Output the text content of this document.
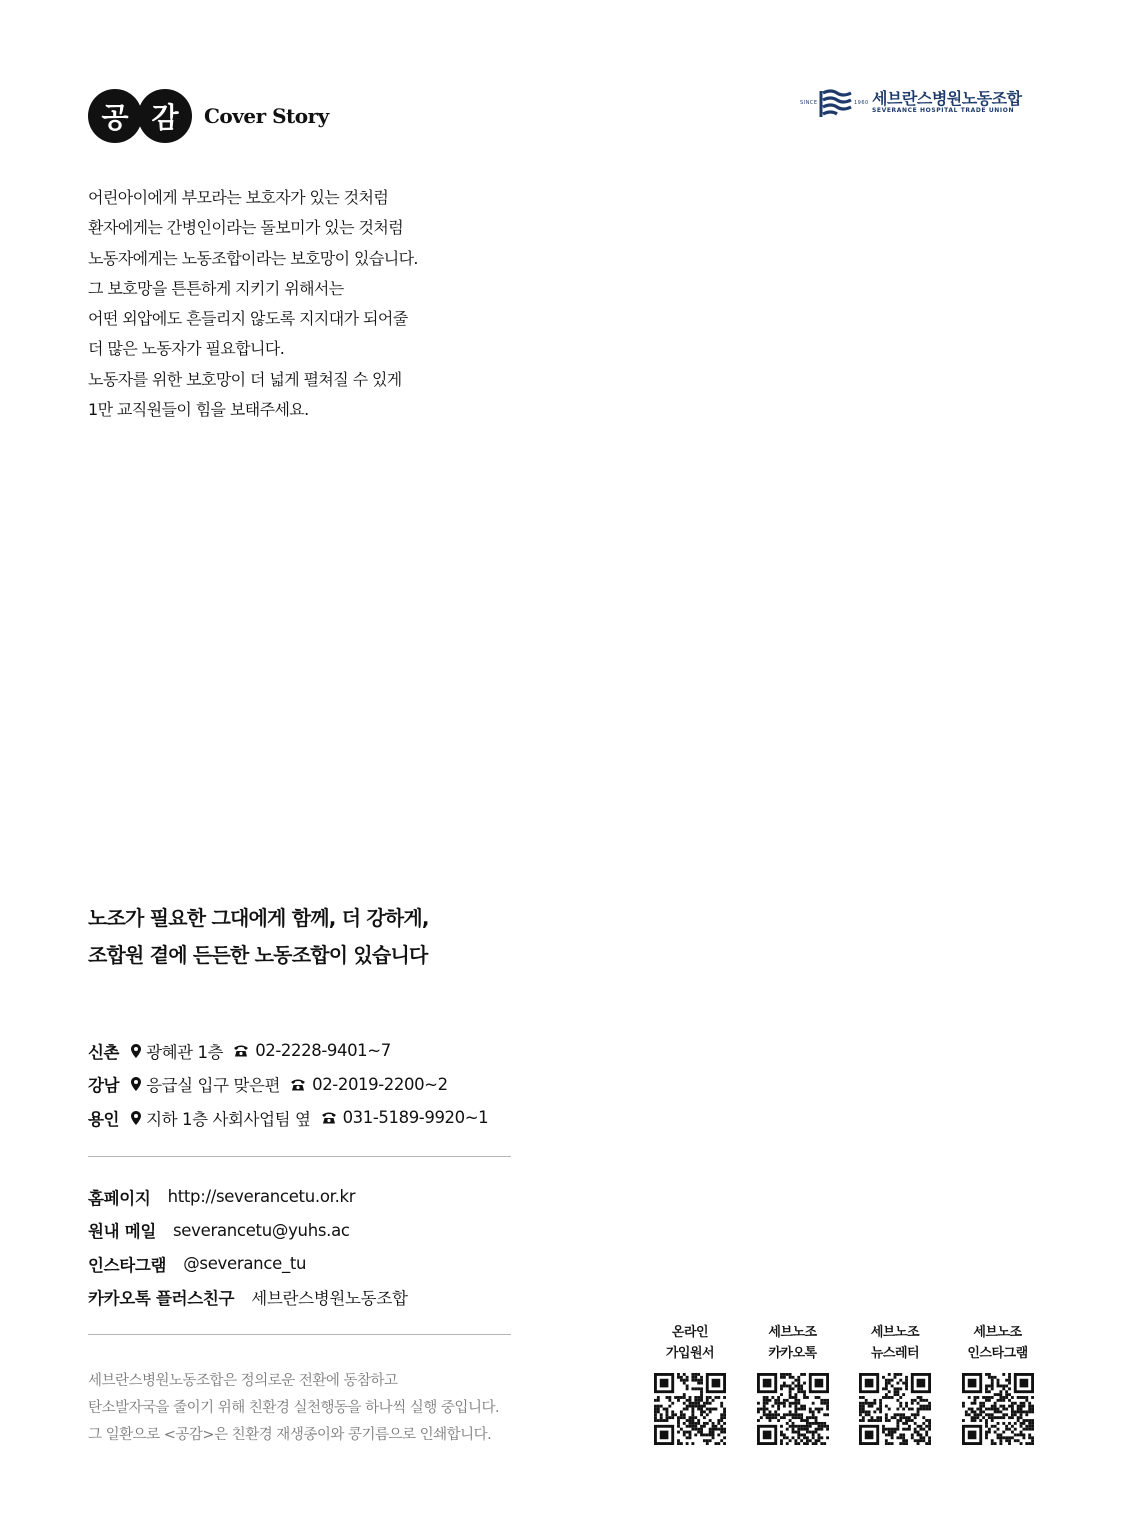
공 감	Cover Story
SINCE	1960 세브란스병원노동조합
SEVERANCE HOSPITAL TRADE UNION
어린아이에게 부모라는 보호자가 있는 것처럼
환자에게는 간병인이라는 돌보미가 있는 것처럼
노동자에게는 노동조합이라는 보호망이 있습니다.
그 보호망을 튼튼하게 지키기 위해서는
어떤 외압에도 흔들리지 않도록 지지대가 되어줄
더 많은 노동자가 필요합니다.
노동자를 위한 보호망이 더 넓게 펼쳐질 수 있게
1만 교직원들이 힘을 보태주세요.
노조가 필요한 그대에게 함께, 더 강하게,
조합원 곁에 든든한 노동조합이 있습니다
신촌 광혜관 1층 02-2228-9401~7
강남 응급실 입구 맞은편 02-2019-2200~2
용인 지하 1층 사회사업팀 옆 031-5189-9920~1
홈페이지 http://severancetu.or.kr
원내 메일 severancetu@yuhs.ac
인스타그램 @severance_tu
카카오톡 플러스친구 세브란스병원노동조합
세브란스병원노동조합은 정의로운 전환에 동참하고
탄소발자국을 줄이기 위해 친환경 실천행동을 하나씩 실행 중입니다.
그 일환으로 <공감>은 친환경 재생종이와 콩기름으로 인쇄합니다.
온라인
가입원서
세브노조
카카오톡
세브노조
뉴스레터
세브노조
인스타그램
